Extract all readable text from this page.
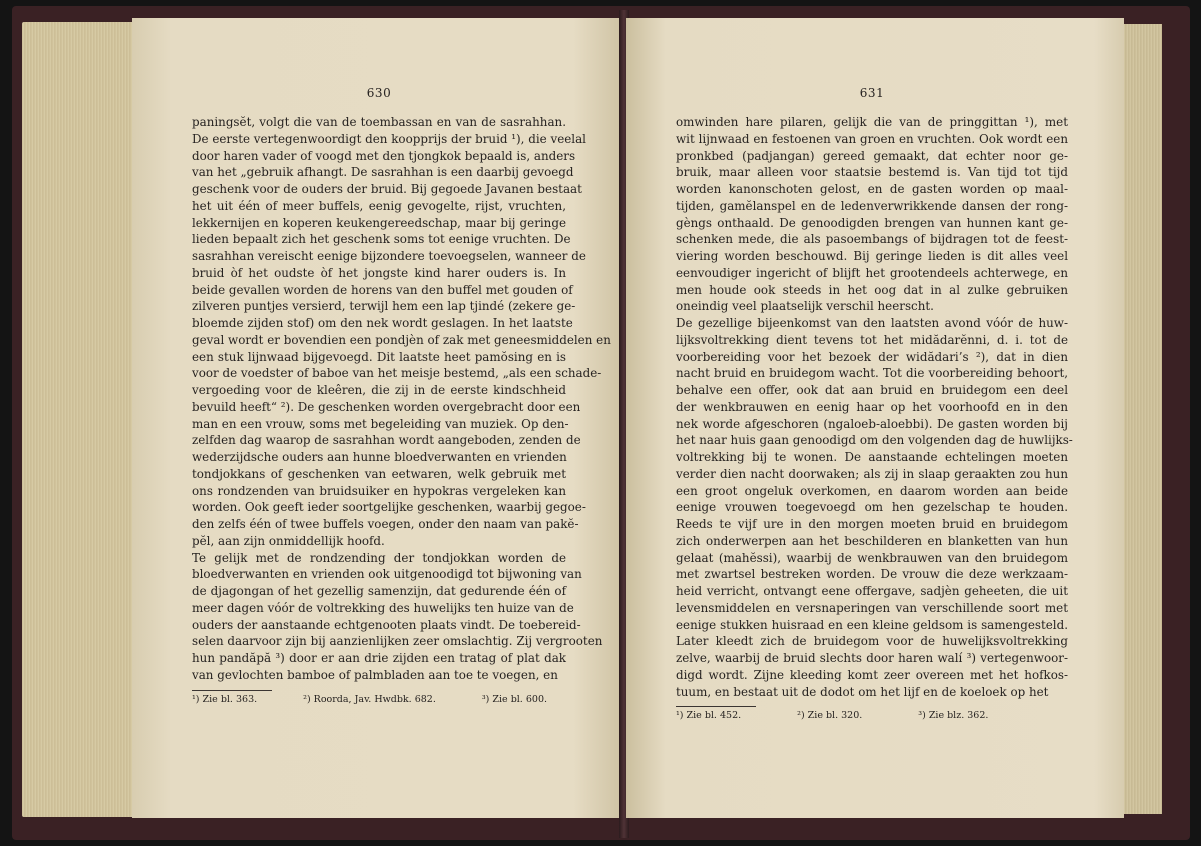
630
paningsĕt, volgt die van de toembassan en van de sasrahhan.
De eerste vertegenwoordigt den koopprijs der bruid ¹), die veelal
door haren vader of voogd met den tjongkok bepaald is, anders
van het „gebruik afhangt. De sasrahhan is een daarbij gevoegd
geschenk voor de ouders der bruid. Bij gegoede Javanen bestaat
het uit één of meer buffels, eenig gevogelte, rijst, vruchten,
lekkernijen en koperen keukengereedschap, maar bij geringe
lieden bepaalt zich het geschenk soms tot eenige vruchten. De
sasrahhan vereischt eenige bijzondere toevoegselen, wanneer de
bruid òf het oudste òf het jongste kind harer ouders is. In
beide gevallen worden de horens van den buffel met gouden of
zilveren puntjes versierd, terwijl hem een lap tjindé (zekere ge-
bloemde zijden stof) om den nek wordt geslagen. In het laatste
geval wordt er bovendien een pondjèn of zak met geneesmiddelen en
een stuk lijnwaad bijgevoegd. Dit laatste heet pamŏsing en is
voor de voedster of baboe van het meisje bestemd, „als een schade-
vergoeding voor de kleêren, die zij in de eerste kindschheid
bevuild heeft“ ²). De geschenken worden overgebracht door een
man en een vrouw, soms met begeleiding van muziek. Op den-
zelfden dag waarop de sasrahhan wordt aangeboden, zenden de
wederzijdsche ouders aan hunne bloedverwanten en vrienden
tondjokkans of geschenken van eetwaren, welk gebruik met
ons rondzenden van bruidsuiker en hypokras vergeleken kan
worden. Ook geeft ieder soortgelijke geschenken, waarbij gegoe-
den zelfs één of twee buffels voegen, onder den naam van pakĕ-
pĕl, aan zijn onmiddellijk hoofd.
Te gelijk met de rondzending der tondjokkan worden de
bloedverwanten en vrienden ook uitgenoodigd tot bijwoning van
de djagongan of het gezellig samenzijn, dat gedurende één of
meer dagen vóór de voltrekking des huwelijks ten huize van de
ouders der aanstaande echtgenooten plaats vindt. De toebereid-
selen daarvoor zijn bij aanzienlijken zeer omslachtig. Zij vergrooten
hun pandăpă ³) door er aan drie zijden een tratag of plat dak
van gevlochten bamboe of palmbladen aan toe te voegen, en
¹) Zie bl. 363.	²) Roorda, Jav. Hwdbk. 682.	³) Zie bl. 600.
631
omwinden hare pilaren, gelijk die van de pringgittan ¹), met
wit lijnwaad en festoenen van groen en vruchten. Ook wordt een
pronkbed (padjangan) gereed gemaakt, dat echter noor ge-
bruik, maar alleen voor staatsie bestemd is. Van tijd tot tijd
worden kanonschoten gelost, en de gasten worden op maal-
tijden, gamĕlanspel en de ledenverwrikkende dansen der rong-
gèngs onthaald. De genoodigden brengen van hunnen kant ge-
schenken mede, die als pasoembangs of bijdragen tot de feest-
viering worden beschouwd. Bij geringe lieden is dit alles veel
eenvoudiger ingericht of blijft het grootendeels achterwege, en
men houde ook steeds in het oog dat in al zulke gebruiken
oneindig veel plaatselijk verschil heerscht.
De gezellige bijeenkomst van den laatsten avond vóór de huw-
lijksvoltrekking dient tevens tot het midădarĕnni, d. i. tot de
voorbereiding voor het bezoek der widădari’s ²), dat in dien
nacht bruid en bruidegom wacht. Tot die voorbereiding behoort,
behalve een offer, ook dat aan bruid en bruidegom een deel
der wenkbrauwen en eenig haar op het voorhoofd en in den
nek worde afgeschoren (ngaloeb-aloebbi). De gasten worden bij
het naar huis gaan genoodigd om den volgenden dag de huwlijks-
voltrekking bij te wonen. De aanstaande echtelingen moeten
verder dien nacht doorwaken; als zij in slaap geraakten zou hun
een groot ongeluk overkomen, en daarom worden aan beide
eenige vrouwen toegevoegd om hen gezelschap te houden.
Reeds te vijf ure in den morgen moeten bruid en bruidegom
zich onderwerpen aan het beschilderen en blanketten van hun
gelaat (mahĕssi), waarbij de wenkbrauwen van den bruidegom
met zwartsel bestreken worden. De vrouw die deze werkzaam-
heid verricht, ontvangt eene offergave, sadjèn geheeten, die uit
levensmiddelen en versnaperingen van verschillende soort met
eenige stukken huisraad en een kleine geldsom is samengesteld.
Later kleedt zich de bruidegom voor de huwelijksvoltrekking
zelve, waarbij de bruid slechts door haren walí ³) vertegenwoor-
digd wordt. Zijne kleeding komt zeer overeen met het hofkos-
tuum, en bestaat uit de dodot om het lijf en de koeloek op het
¹) Zie bl. 452.	²) Zie bl. 320.	³) Zie blz. 362.
